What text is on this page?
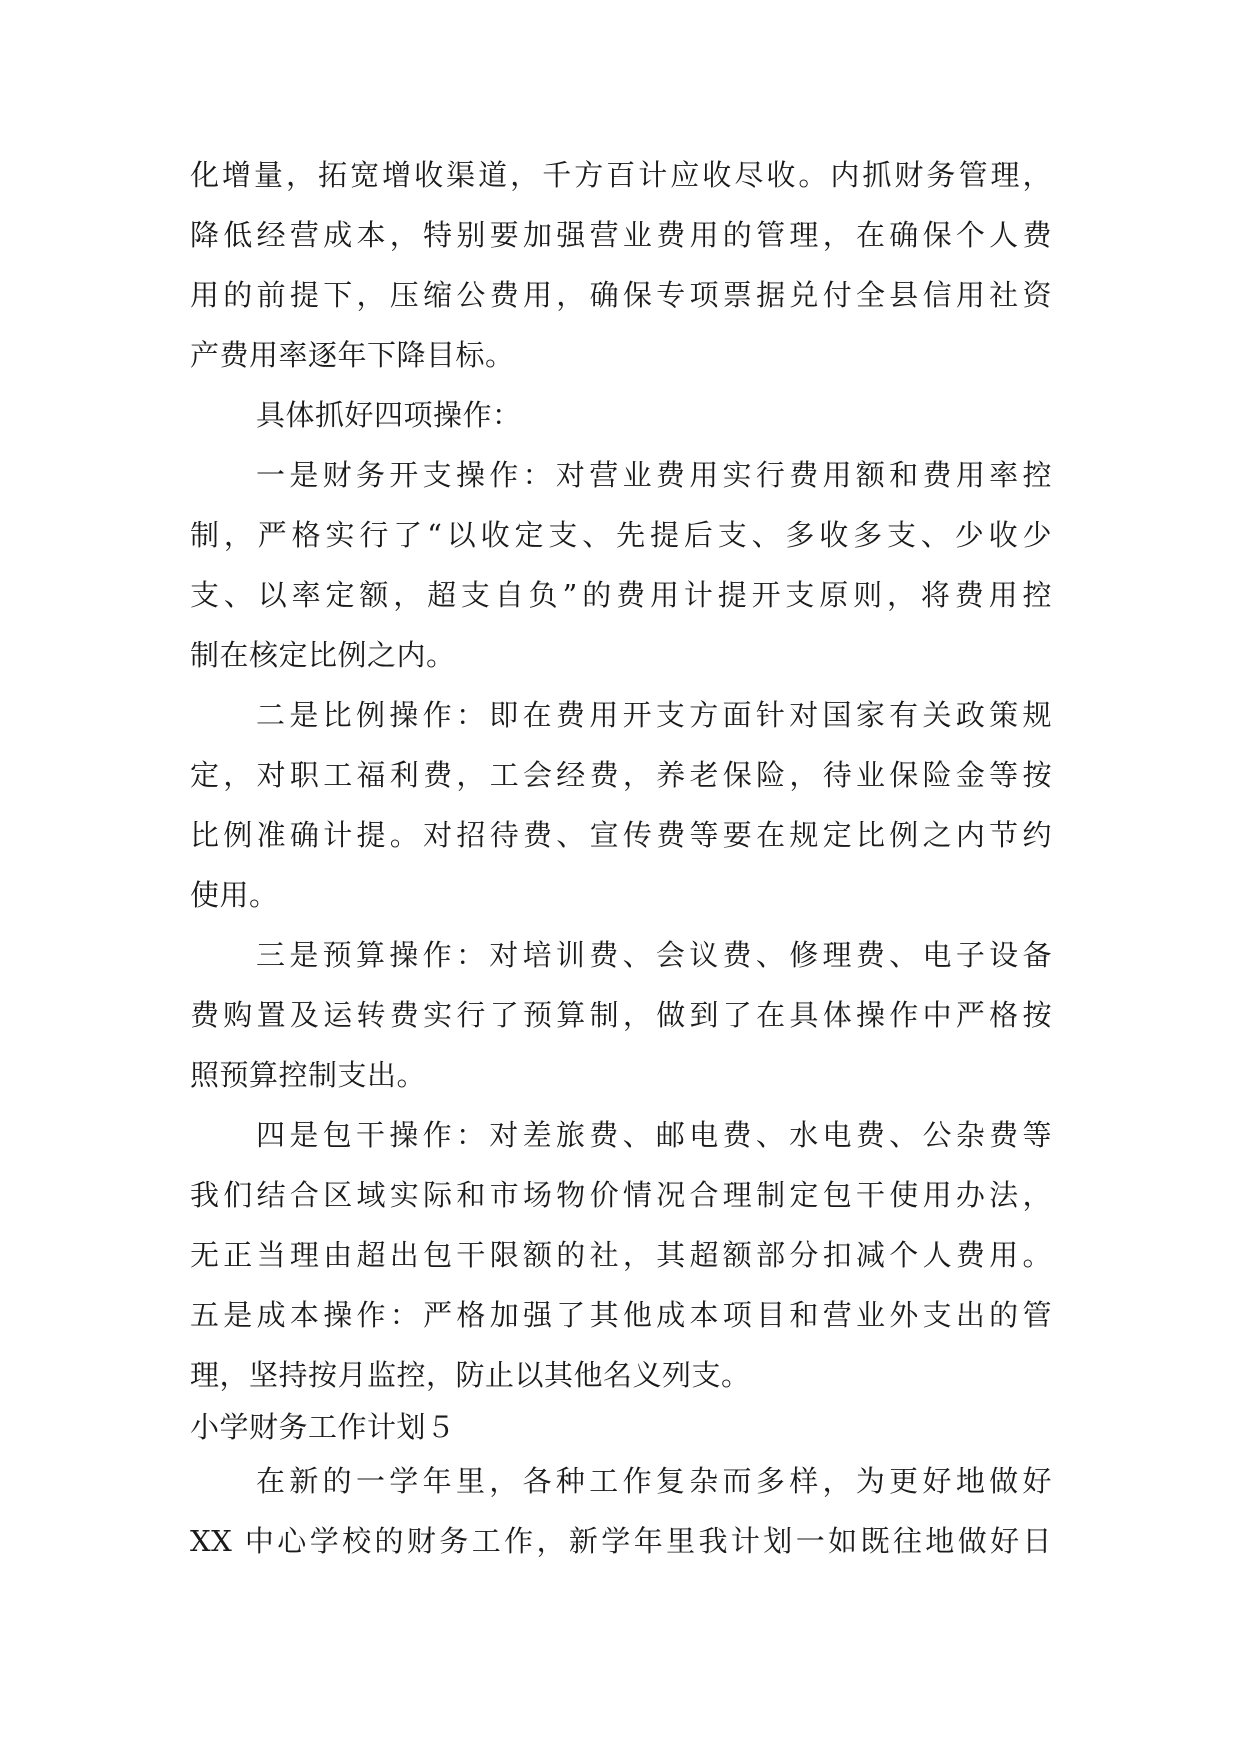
化增量，拓宽增收渠道，千方百计应收尽收。内抓财务管理，
降低经营成本，特别要加强营业费用的管理，在确保个人费
用的前提下，压缩公费用，确保专项票据兑付全县信用社资
产费用率逐年下降目标。
具体抓好四项操作：
一是财务开支操作：对营业费用实行费用额和费用率控
制，严格实行了“以收定支、先提后支、多收多支、少收少
支、以率定额，超支自负”的费用计提开支原则，将费用控
制在核定比例之内。
二是比例操作：即在费用开支方面针对国家有关政策规
定，对职工福利费，工会经费，养老保险，待业保险金等按
比例准确计提。对招待费、宣传费等要在规定比例之内节约
使用。
三是预算操作：对培训费、会议费、修理费、电子设备
费购置及运转费实行了预算制，做到了在具体操作中严格按
照预算控制支出。
四是包干操作：对差旅费、邮电费、水电费、公杂费等
我们结合区域实际和市场物价情况合理制定包干使用办法，
无正当理由超出包干限额的社，其超额部分扣减个人费用。
五是成本操作：严格加强了其他成本项目和营业外支出的管
理，坚持按月监控，防止以其他名义列支。
小学财务工作计划５
在新的一学年里，各种工作复杂而多样，为更好地做好
XX 中心学校的财务工作，新学年里我计划一如既往地做好日
